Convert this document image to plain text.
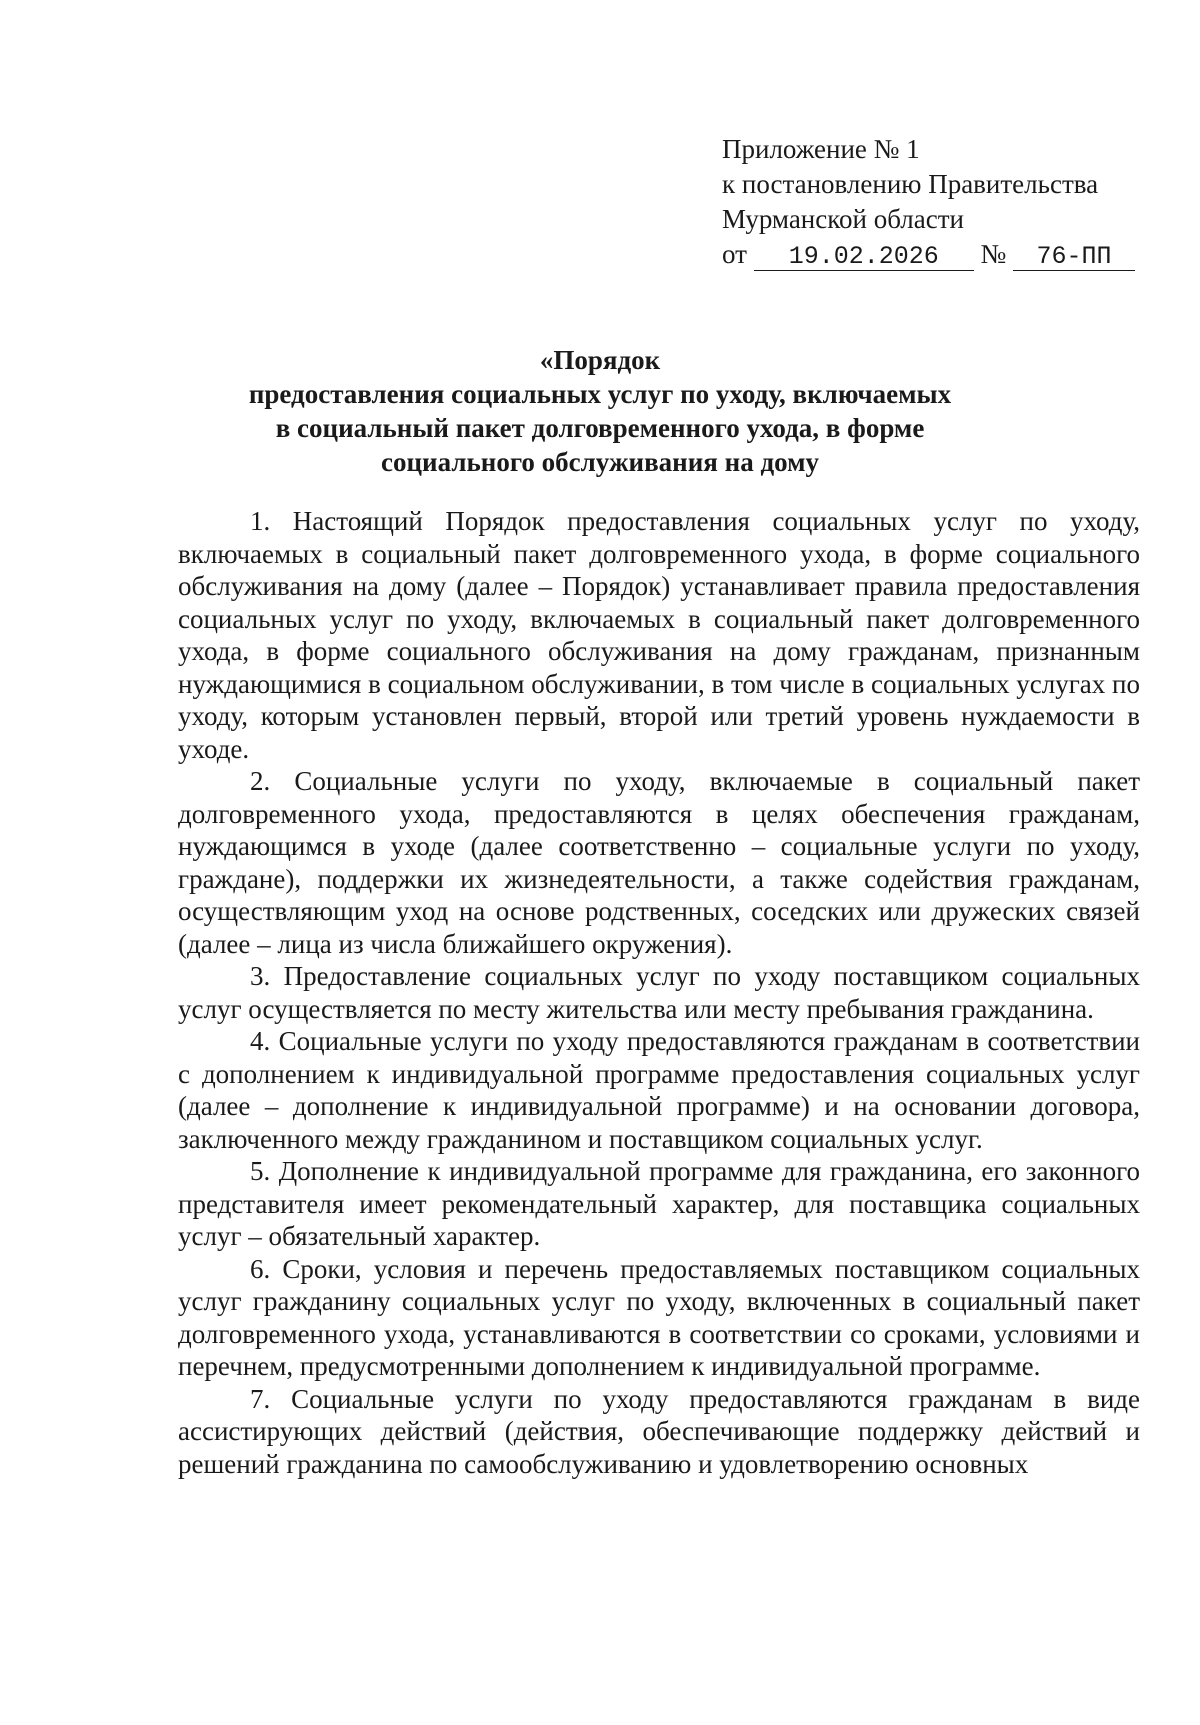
Приложение № 1
к постановлению Правительства
Мурманской области
от 19.02.2026 № 76-ПП
«Порядок
предоставления социальных услуг по уходу, включаемых
в социальный пакет долговременного ухода, в форме
социального обслуживания на дому

1. Настоящий Порядок предоставления социальных услуг по уходу, включаемых в социальный пакет долговременного ухода, в форме социального обслуживания на дому (далее – Порядок) устанавливает правила предоставления социальных услуг по уходу, включаемых в социальный пакет долговременного ухода, в форме социального обслуживания на дому гражданам, признанным нуждающимися в социальном обслуживании, в том числе в социальных услугах по уходу, которым установлен первый, второй или третий уровень нуждаемости в уходе.

2. Социальные услуги по уходу, включаемые в социальный пакет долговременного ухода, предоставляются в целях обеспечения гражданам, нуждающимся в уходе (далее соответственно – социальные услуги по уходу, граждане), поддержки их жизнедеятельности, а также содействия гражданам, осуществляющим уход на основе родственных, соседских или дружеских связей (далее – лица из числа ближайшего окружения).

3. Предоставление социальных услуг по уходу поставщиком социальных услуг осуществляется по месту жительства или месту пребывания гражданина.

4. Социальные услуги по уходу предоставляются гражданам в соответствии с дополнением к индивидуальной программе предоставления социальных услуг (далее – дополнение к индивидуальной программе) и на основании договора, заключенного между гражданином и поставщиком социальных услуг.

5. Дополнение к индивидуальной программе для гражданина, его законного представителя имеет рекомендательный характер, для поставщика социальных услуг – обязательный характер.

6. Сроки, условия и перечень предоставляемых поставщиком социальных услуг гражданину социальных услуг по уходу, включенных в социальный пакет долговременного ухода, устанавливаются в соответствии со сроками, условиями и перечнем, предусмотренными дополнением к индивидуальной программе.

7. Социальные услуги по уходу предоставляются гражданам в виде ассистирующих действий (действия, обеспечивающие поддержку действий и решений гражданина по самообслуживанию и удовлетворению основных
